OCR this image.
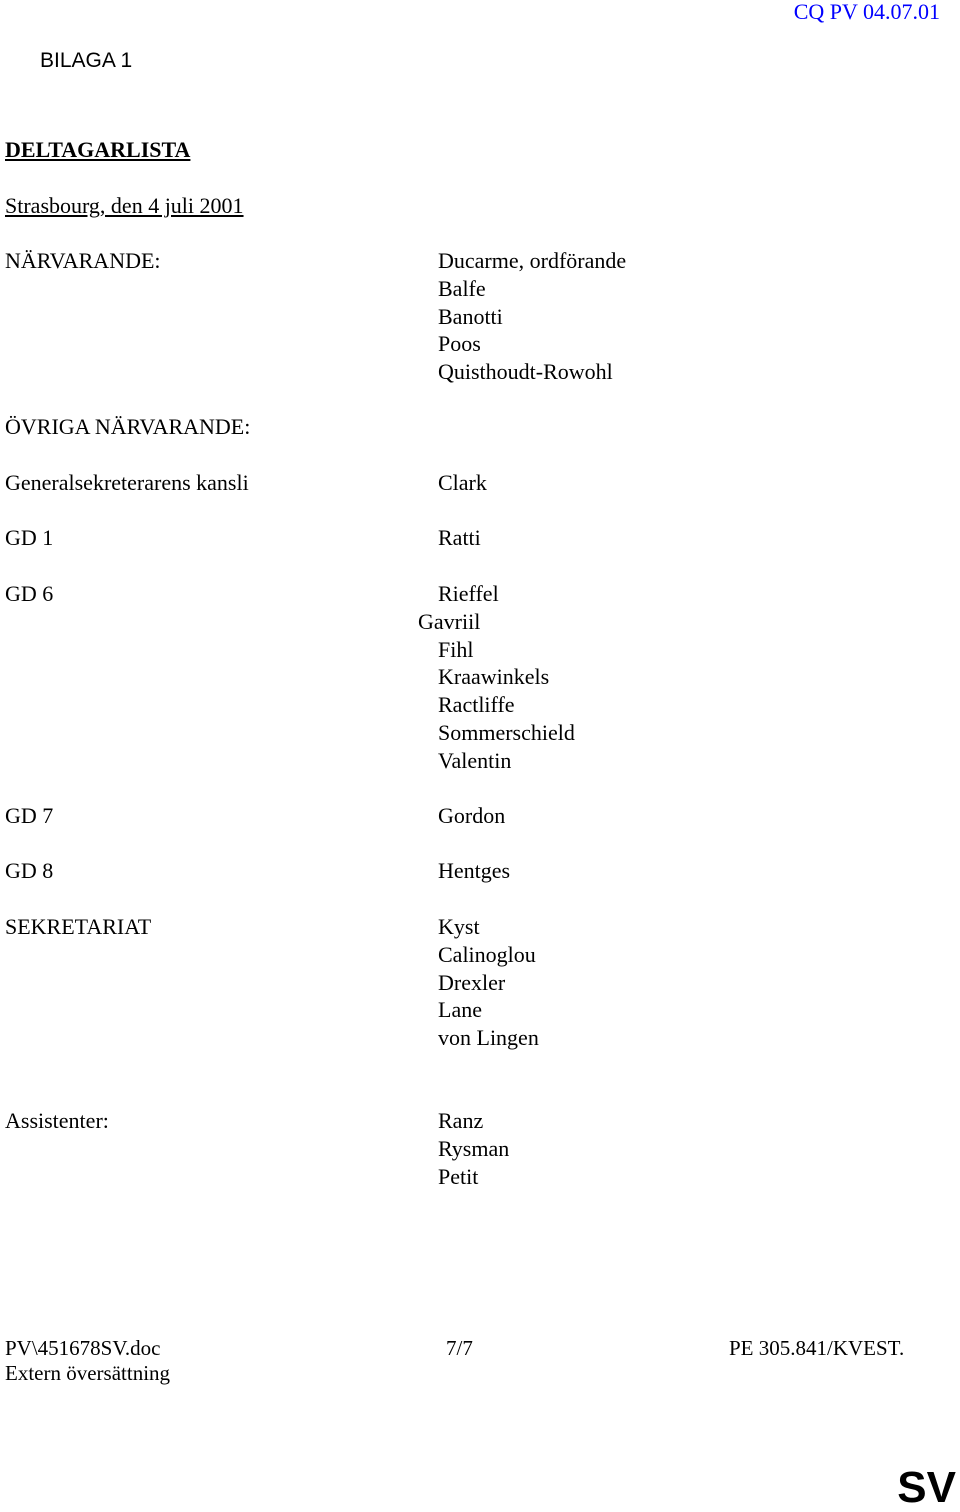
CQ PV 04.07.01
BILAGA 1
DELTAGARLISTA
Strasbourg, den 4 juli 2001
NÄRVARANDE:	Ducarme, ordförande
Balfe
Banotti
Poos
Quisthoudt-Rowohl
ÖVRIGA NÄRVARANDE:
Generalsekreterarens kansli	Clark
GD 1	Ratti
GD 6	Rieffel
Gavriil
Fihl
Kraawinkels
Ractliffe
Sommerschield
Valentin
GD 7	Gordon
GD 8	Hentges
SEKRETARIAT	Kyst
Calinoglou
Drexler
Lane
von Lingen
Assistenter:	Ranz
Rysman
Petit
PV\451678SV.doc	7/7	PE 305.841/KVEST.
Extern översättning
SV
